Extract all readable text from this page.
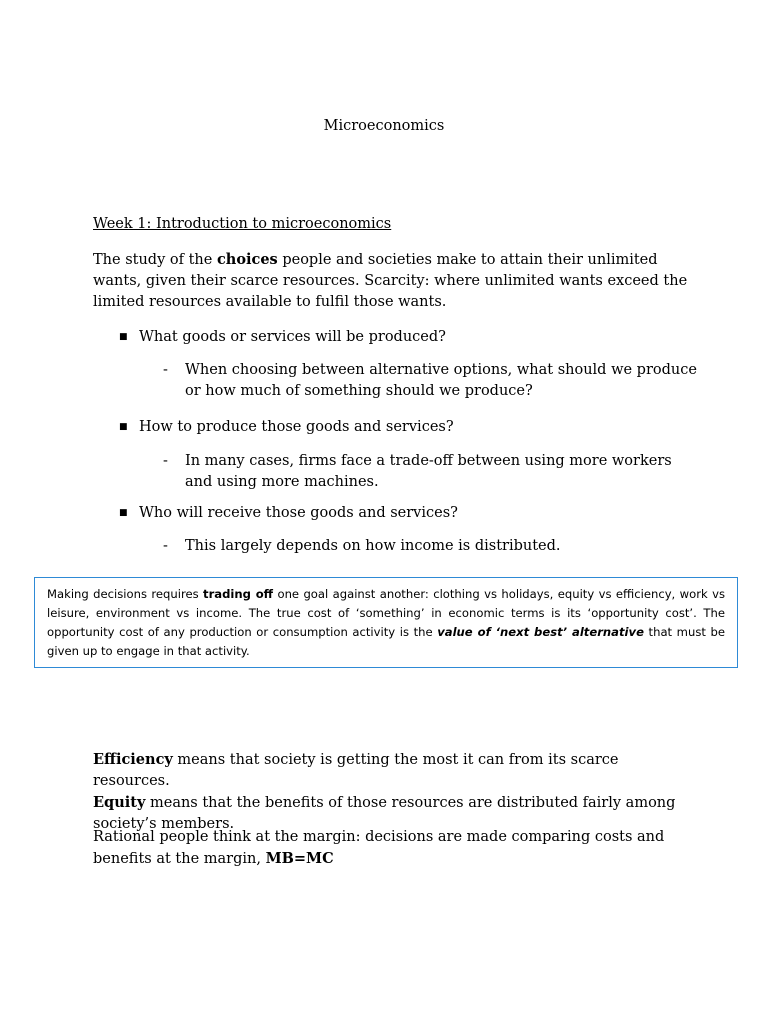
Microeconomics
Week 1: Introduction to microeconomics
The study of the choices people and societies make to attain their unlimited wants, given their scarce resources. Scarcity: where unlimited wants exceed the limited resources available to fulfil those wants.
■ What goods or services will be produced?
-	When choosing between alternative options, what should we produce or how much of something should we produce?
■ How to produce those goods and services?
-	In many cases, firms face a trade-off between using more workers and using more machines.
■ Who will receive those goods and services?
-	This largely depends on how income is distributed.
Making decisions requires trading off one goal against another: clothing vs holidays, equity vs efficiency, work vs leisure, environment vs income. The true cost of ‘something’ in economic terms is its ‘opportunity cost’. The opportunity cost of any production or consumption activity is the value of ‘next best’ alternative that must be given up to engage in that activity.
Efficiency means that society is getting the most it can from its scarce resources.
Equity means that the benefits of those resources are distributed fairly among society’s members.
Rational people think at the margin: decisions are made comparing costs and benefits at the margin, MB=MC
